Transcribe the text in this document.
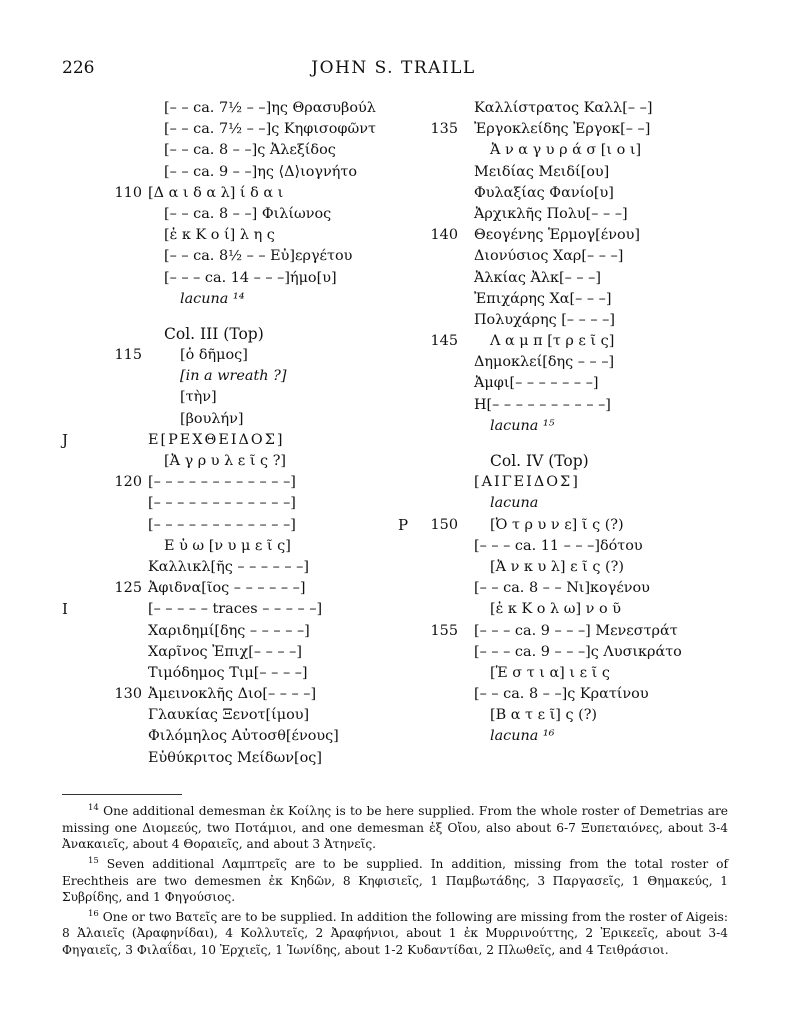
226	JOHN S. TRAILL
[– – ca. 7½ – –]ης Θρασυβούλ
[– – ca. 7½ – –]ς Κηφισοφῶντ
[– – ca. 8 – –]ς Ἀλεξίδος
[– – ca. 9 – –]ης ⟨Δ⟩ιογνήτο
110 [Δ α ι δ α λ] ί δ α ι
[– – ca. 8 – –] Φιλίωνος
[ἐ κ Κ ο ί] λ η ς
[– – ca. 8½ – – Εὐ]εργέτου
[– – – ca. 14 – – –]ήμο[υ]
lacuna ¹⁴
Col. III (Top)
115	[ὁ δῆμος]
[in a wreath ?]
[τὴν]
[βουλήν]
J	Ε[ΡΕΧΘΕΙΔΟΣ]
[Ἀ γ ρ υ λ ε ῖ ς ?]
120 [– – – – – – – – – – – –]
[– – – – – – – – – – – –]
[– – – – – – – – – – – –]
Ε ὐ ω [ν υ μ ε ῖ ς]
Καλλικλ[ῆς – – – – – –]
125 Ἀφιδνα[ῖος – – – – – –]
I	[– – – – – traces – – – – –]
Χαριδημί[δης – – – – –]
Χαρῖνος Ἐπιχ[– – – –]
Τιμόδημος Τιμ[– – – –]
130 Ἀμεινοκλῆς Διο[– – – –]
Γλαυκίας Ξενοτ[ίμου]
Φιλόμηλος Αὐτοσθ[ένους]
Εὐθύκριτος Μείδων[ος]
Καλλίστρατος Καλλ[– –]
135 Ἐργοκλείδης Ἐργοκ[– –]
Ἀ ν α γ υ ρ ά σ [ι ο ι]
Μειδίας Μειδί[ου]
Φυλαξίας Φανίο[υ]
Ἀρχικλῆς Πολυ[– – –]
140 Θεογένης Ἑρμογ[ένου]
Διονύσιος Χαρ[– – –]
Ἀλκίας Ἀλκ[– – –]
Ἐπιχάρης Χα[– – –]
Πολυχάρης [– – – –]
145	Λ α μ π [τ ρ ε ῖ ς]
Δημοκλεί[δης – – –]
Ἀμφι[– – – – – – –]
Η[– – – – – – – – – –]
lacuna ¹⁵
Col. IV (Top)
[ΑΙΓΕΙΔΟΣ]
lacuna
P	150	[Ὀ τ ρ υ ν ε] ῖ ς (?)
[– – – ca. 11 – – –]δότου
[Ἀ ν κ υ λ] ε ῖ ς (?)
[– – ca. 8 – – Νι]κογένου
[ἐ κ Κ ο λ ω] ν ο ῦ
155 [– – – ca. 9 – – –] Μενεστράτ
[– – – ca. 9 – – –]ς Λυσικράτο
[Ἑ σ τ ι α] ι ε ῖ ς
[– – ca. 8 – –]ς Κρατίνου
[Β α τ ε ῖ] ς (?)
lacuna ¹⁶

$^{14}$ One additional demesman ἐκ Κοίλης is to be here supplied. From the whole roster of Demetrias are missing one Διομεεύς, two Ποτάμιοι, and one demesman ἐξ Οἴου, also about 6-7 Ξυπεταιόνες, about 3-4 Ἀνακαιεῖς, about 4 Θοραιεῖς, and about 3 Ἀτηνεῖς.

$^{15}$ Seven additional Λαμπτρεῖς are to be supplied. In addition, missing from the total roster of Erechtheis are two demesmen ἐκ Κηδῶν, 8 Κηφισιεῖς, 1 Παμβωτάδης, 3 Παργασεῖς, 1 Θημακεύς, 1 Συβρίδης, and 1 Φηγούσιος.

$^{16}$ One or two Βατεῖς are to be supplied. In addition the following are missing from the roster of Aigeis: 8 Ἁλαιεῖς (Ἀραφηνίδαι), 4 Κολλυτεῖς, 2 Ἀραφήνιοι, about 1 ἐκ Μυρρινούττης, 2 Ἐρικεεῖς, about 3-4 Φηγαιεῖς, 3 Φιλαΐδαι, 10 Ἐρχιεῖς, 1 Ἰωνίδης, about 1-2 Κυδαντίδαι, 2 Πλωθεῖς, and 4 Τειθράσιοι.
